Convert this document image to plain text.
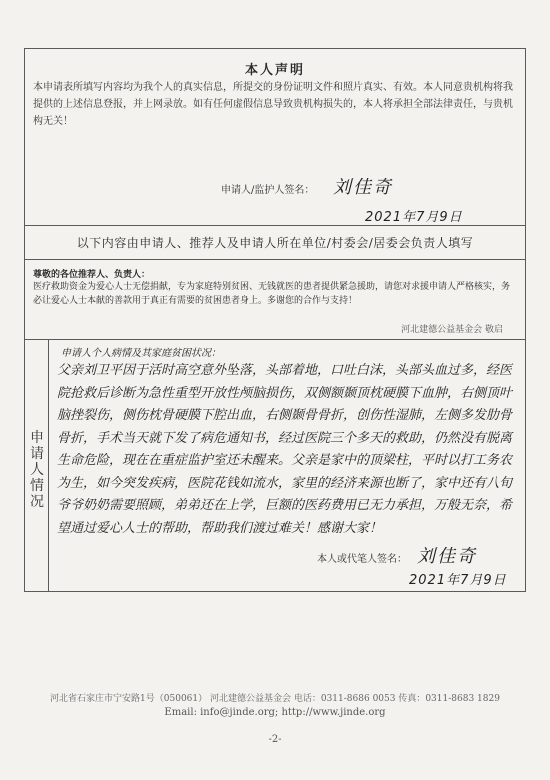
本人声明
本申请表所填写内容均为我个人的真实信息，所提交的身份证明文件和照片真实、有效。本人同意贵机构将我提供的上述信息登报，并上网录放。如有任何虚假信息导致贵机构损失的，本人将承担全部法律责任，与贵机构无关！
申请人/监护人签名： 刘佳奇
2021年7月9日
以下内容由申请人、推荐人及申请人所在单位/村委会/居委会负责人填写
尊敬的各位推荐人、负责人：
医疗救助资金为爱心人士无偿捐献，专为家庭特别贫困、无钱就医的患者提供紧急援助，请您对求援申请人严格核实，务必让爱心人士本献的善款用于真正有需要的贫困患者身上。多谢您的合作与支持！
河北建德公益基金会 敬启
申请人情况
申请人个人病情及其家庭贫困状况：
父亲刘卫平因于活时高空意外坠落，头部着地，口吐白沫，头部头血过多，经医院抢救后诊断为急性重型开放性颅脑损伤，双侧额颞顶枕硬膜下血肿，右侧顶叶脑挫裂伤，侧伤枕骨硬膜下腔出血，右侧颞骨骨折，创伤性湿肺，左侧多发肋骨骨折，手术当天就下发了病危通知书，经过医院三个多天的救助，仍然没有脱离生命危险，现在在重症监护室还未醒来。父亲是家中的顶梁柱，平时以打工务农为生，如今突发疾病，医院花钱如流水，家里的经济来源也断了，家中还有八旬爷爷奶奶需要照顾，弟弟还在上学，巨额的医药费用已无力承担，万般无奈，希望通过爱心人士的帮助，帮助我们渡过难关！感谢大家！
本人或代笔人签名： 刘佳奇
2021年7月9日
河北省石家庄市宁安路1号（050061） 河北建德公益基金会 电话：0311-8686 0053 传真：0311-8683 1829
Email: info@jinde.org; http://www.jinde.org
-2-
